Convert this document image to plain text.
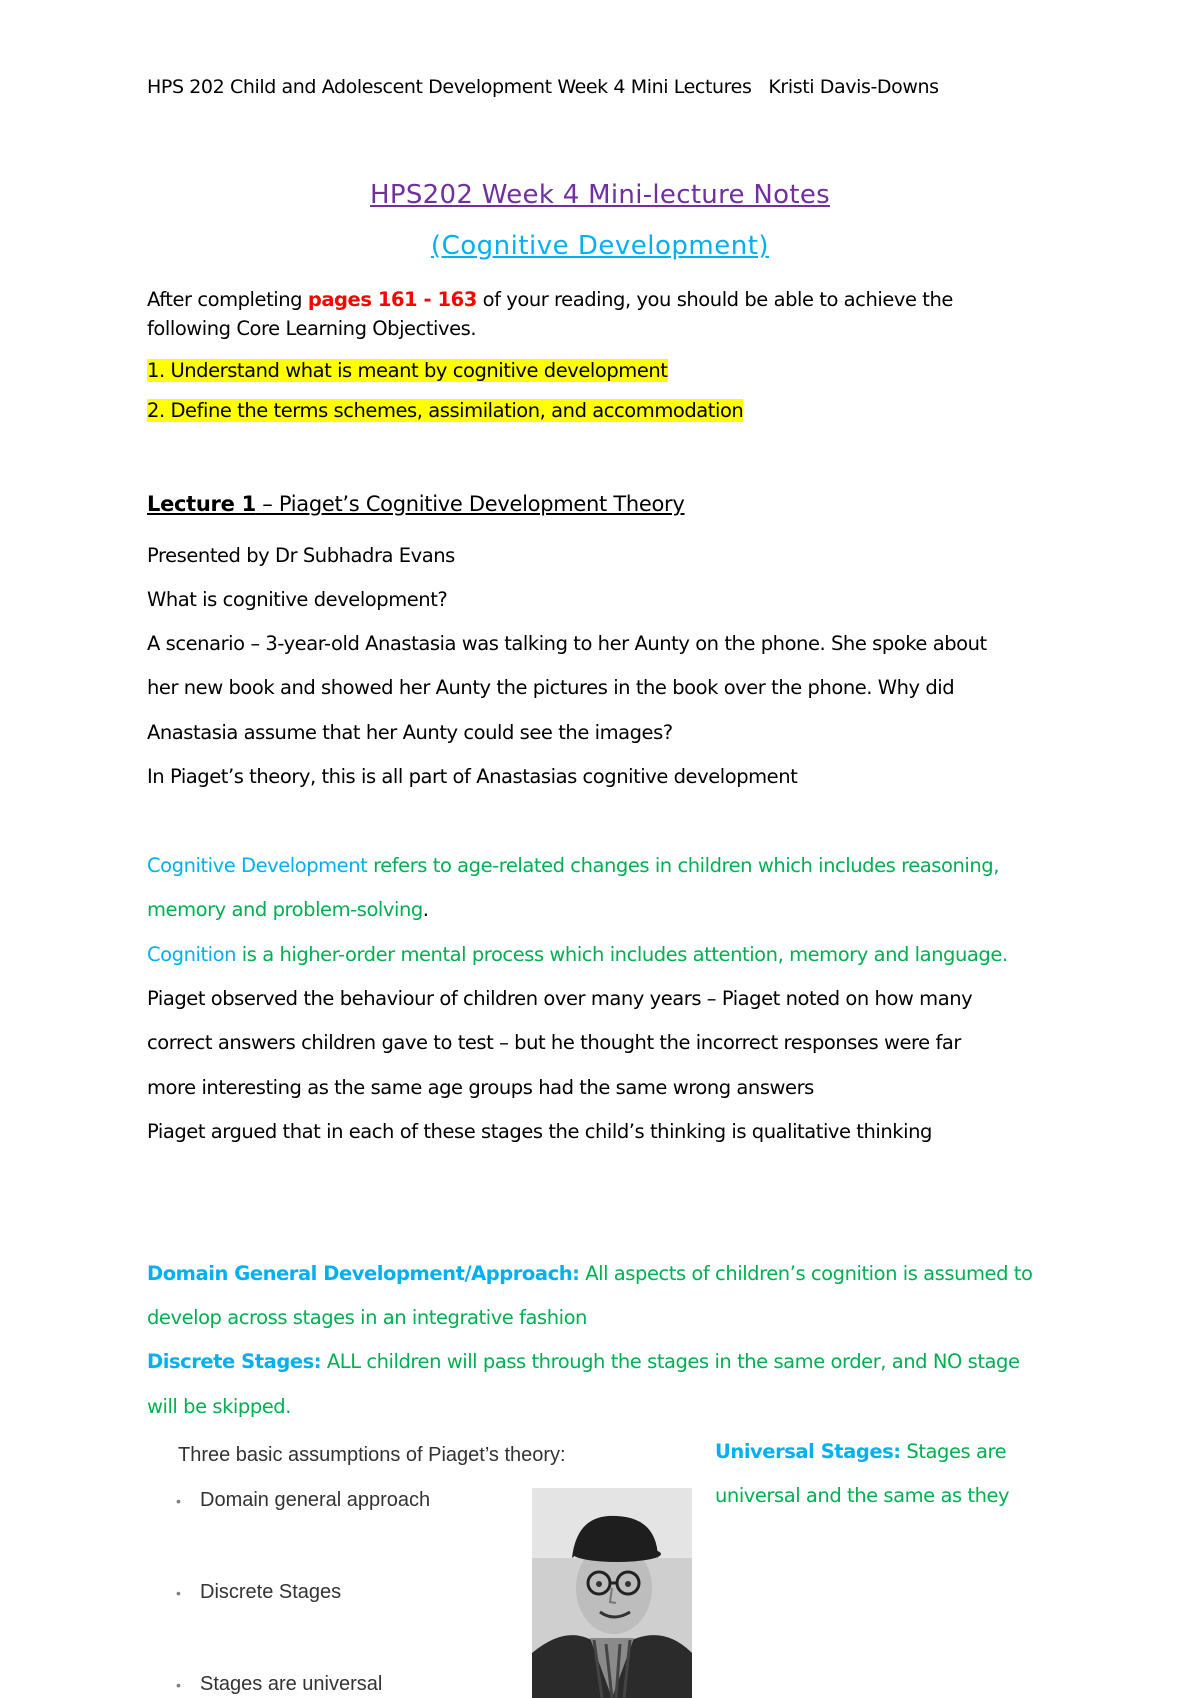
HPS 202 Child and Adolescent Development Week 4 Mini Lectures   Kristi Davis-Downs
HPS202 Week 4 Mini-lecture Notes
(Cognitive Development)
After completing pages 161 - 163 of your reading, you should be able to achieve the
following Core Learning Objectives.
1. Understand what is meant by cognitive development
2. Define the terms schemes, assimilation, and accommodation
Lecture 1 – Piaget’s Cognitive Development Theory
Presented by Dr Subhadra Evans
What is cognitive development?
A scenario – 3-year-old Anastasia was talking to her Aunty on the phone. She spoke about
her new book and showed her Aunty the pictures in the book over the phone. Why did
Anastasia assume that her Aunty could see the images?
In Piaget’s theory, this is all part of Anastasias cognitive development
Cognitive Development refers to age-related changes in children which includes reasoning,
memory and problem-solving.
Cognition is a higher-order mental process which includes attention, memory and language.
Piaget observed the behaviour of children over many years – Piaget noted on how many
correct answers children gave to test – but he thought the incorrect responses were far
more interesting as the same age groups had the same wrong answers
Piaget argued that in each of these stages the child’s thinking is qualitative thinking
Domain General Development/Approach: All aspects of children’s cognition is assumed to
develop across stages in an integrative fashion
Discrete Stages: ALL children will pass through the stages in the same order, and NO stage
will be skipped.
Universal Stages: Stages are
universal and the same as they
Three basic assumptions of Piaget’s theory:
• Domain general approach
• Discrete Stages
• Stages are universal
